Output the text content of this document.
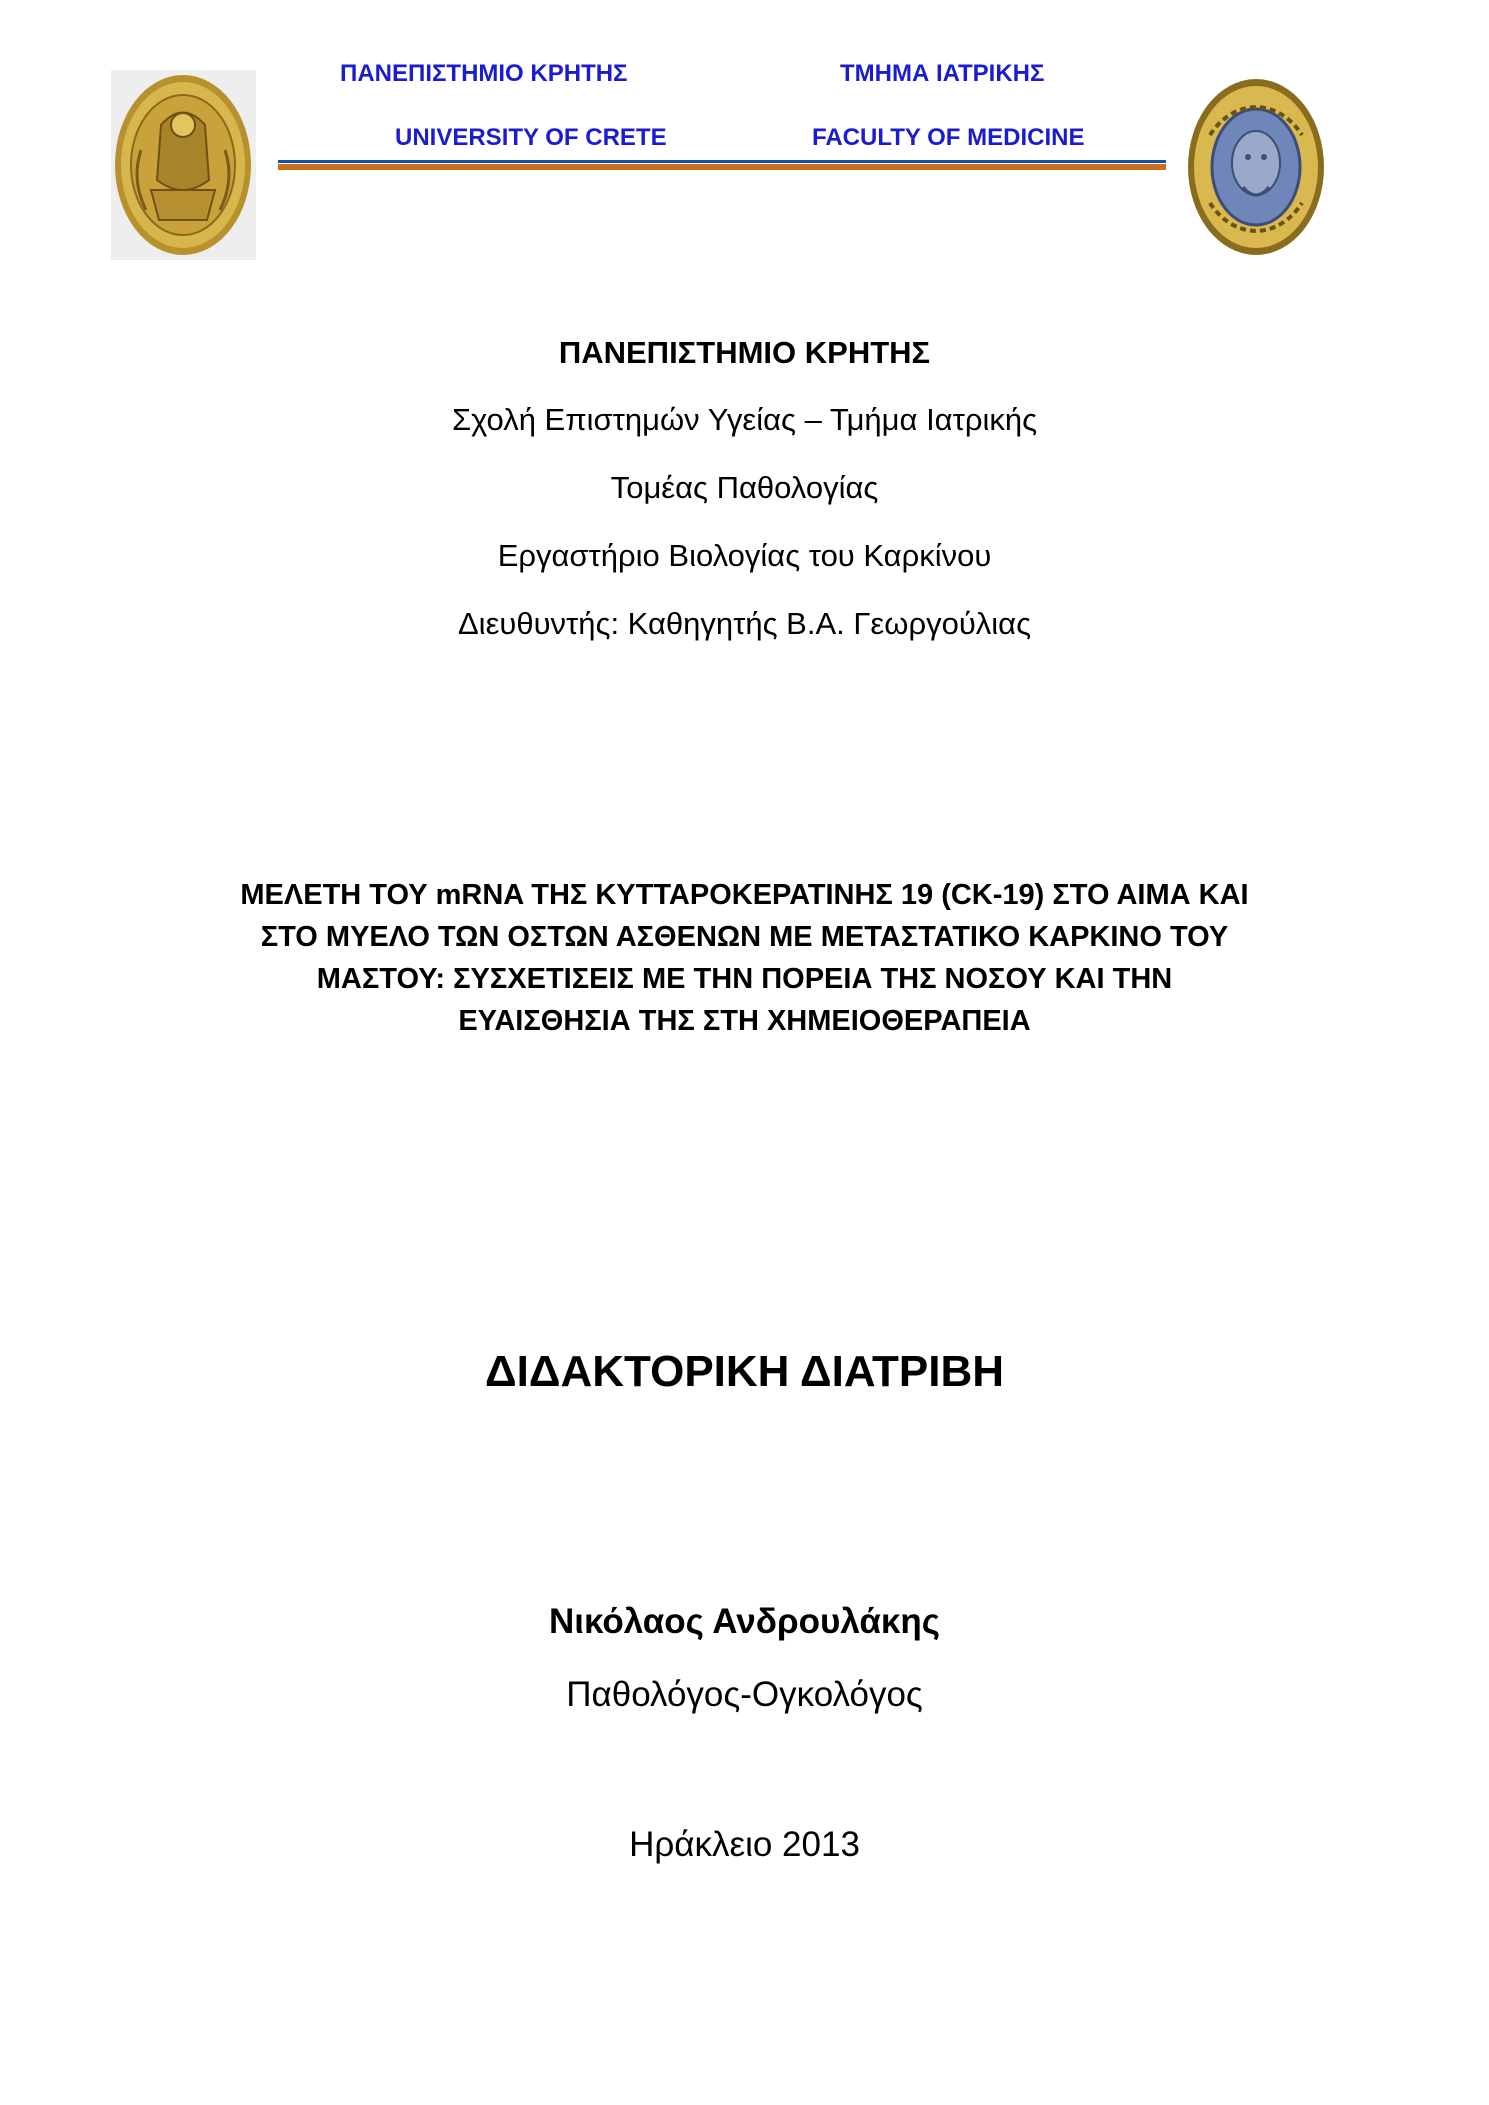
ΠΑΝΕΠΙΣΤΗΜΙΟ ΚΡΗΤΗΣ	ΤΜΗΜΑ ΙΑΤΡΙΚΗΣ
UNIVERSITY OF CRETE	FACULTY OF MEDICINE
ΠΑΝΕΠΙΣΤΗΜΙΟ ΚΡΗΤΗΣ
Σχολή Επιστημών Υγείας – Τμήμα Ιατρικής
Τομέας Παθολογίας
Εργαστήριο Βιολογίας του Καρκίνου
Διευθυντής: Καθηγητής Β.Α. Γεωργούλιας
ΜΕΛΕΤΗ ΤΟΥ mRNA ΤΗΣ ΚΥΤΤΑΡΟΚΕΡΑΤΙΝΗΣ 19 (CK-19) ΣΤΟ ΑΙΜΑ ΚΑΙ
ΣΤΟ ΜΥΕΛΟ ΤΩΝ ΟΣΤΩΝ ΑΣΘΕΝΩΝ ΜΕ ΜΕΤΑΣΤΑΤΙΚΟ ΚΑΡΚΙΝΟ ΤΟΥ
ΜΑΣΤΟΥ: ΣΥΣΧΕΤΙΣΕΙΣ ΜΕ ΤΗΝ ΠΟΡΕΙΑ ΤΗΣ ΝΟΣΟΥ ΚΑΙ ΤΗΝ
ΕΥΑΙΣΘΗΣΙΑ ΤΗΣ ΣΤΗ ΧΗΜΕΙΟΘΕΡΑΠΕΙΑ
ΔΙΔΑΚΤΟΡΙΚΗ ΔΙΑΤΡΙΒΗ
Νικόλαος Ανδρουλάκης
Παθολόγος-Ογκολόγος
Ηράκλειο 2013
